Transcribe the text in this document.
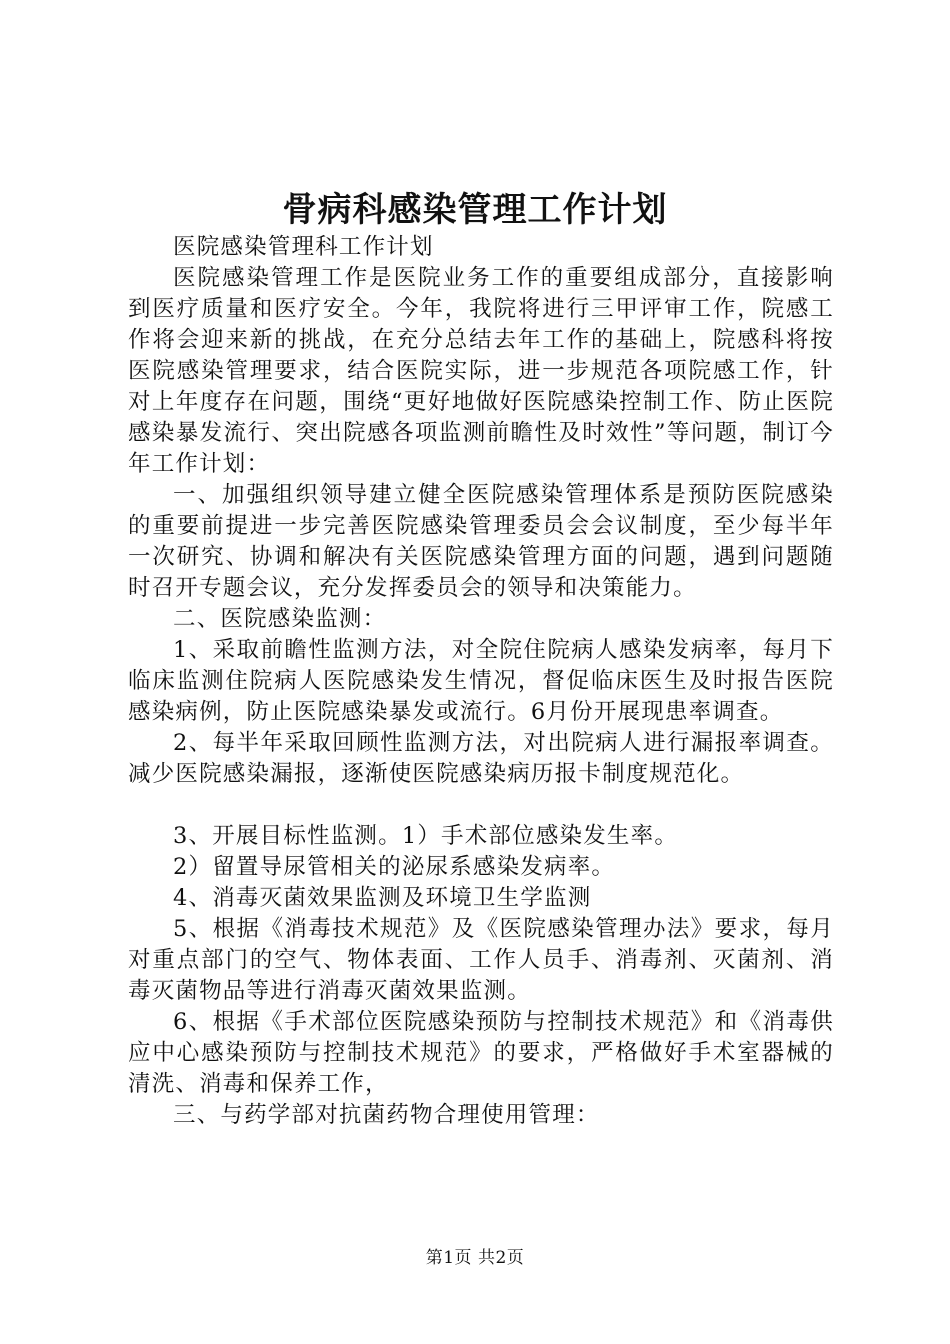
骨病科感染管理工作计划

医院感染管理科工作计划

医院感染管理工作是医院业务工作的重要组成部分，直接影响到医疗质量和医疗安全。今年，我院将进行三甲评审工作，院感工作将会迎来新的挑战，在充分总结去年工作的基础上，院感科将按医院感染管理要求，结合医院实际，进一步规范各项院感工作，针对上年度存在问题，围绕“更好地做好医院感染控制工作、防止医院感染暴发流行、突出院感各项监测前瞻性及时效性”等问题，制订今年工作计划：

一、加强组织领导建立健全医院感染管理体系是预防医院感染的重要前提进一步完善医院感染管理委员会会议制度，至少每半年一次研究、协调和解决有关医院感染管理方面的问题，遇到问题随时召开专题会议，充分发挥委员会的领导和决策能力。

二、医院感染监测：

1、采取前瞻性监测方法，对全院住院病人感染发病率，每月下临床监测住院病人医院感染发生情况，督促临床医生及时报告医院感染病例，防止医院感染暴发或流行。6月份开展现患率调查。

2、每半年采取回顾性监测方法，对出院病人进行漏报率调查。减少医院感染漏报，逐渐使医院感染病历报卡制度规范化。

3、开展目标性监测。1）手术部位感染发生率。

2）留置导尿管相关的泌尿系感染发病率。

4、消毒灭菌效果监测及环境卫生学监测

5、根据《消毒技术规范》及《医院感染管理办法》要求，每月对重点部门的空气、物体表面、工作人员手、消毒剂、灭菌剂、消毒灭菌物品等进行消毒灭菌效果监测。

6、根据《手术部位医院感染预防与控制技术规范》和《消毒供应中心感染预防与控制技术规范》的要求，严格做好手术室器械的清洗、消毒和保养工作，

三、与药学部对抗菌药物合理使用管理：

第1页 共2页
